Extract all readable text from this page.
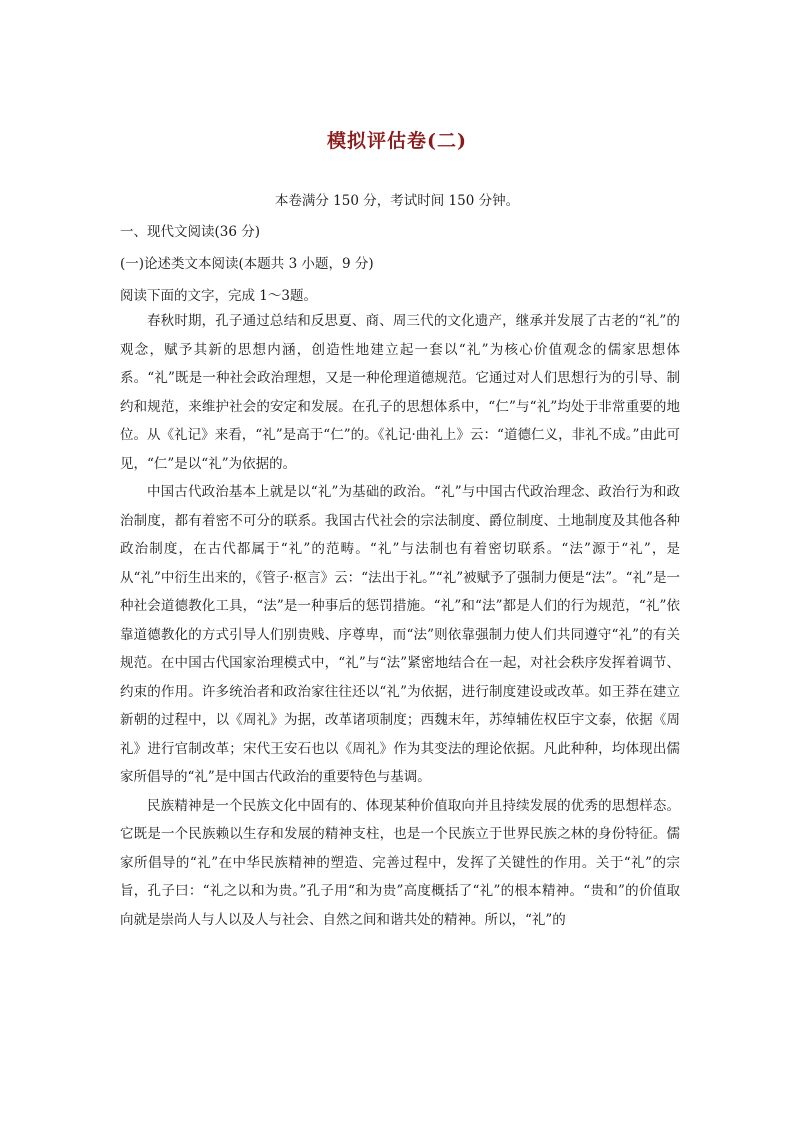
模拟评估卷(二)
本卷满分 150 分，考试时间 150 分钟。
一、现代文阅读(36 分)
(一)论述类文本阅读(本题共 3 小题，9 分)
阅读下面的文字，完成 1～3题。

春秋时期，孔子通过总结和反思夏、商、周三代的文化遗产，继承并发展了古老的“礼”的观念，赋予其新的思想内涵，创造性地建立起一套以“礼”为核心价值观念的儒家思想体系。“礼”既是一种社会政治理想，又是一种伦理道德规范。它通过对人们思想行为的引导、制约和规范，来维护社会的安定和发展。在孔子的思想体系中，“仁”与“礼”均处于非常重要的地位。从《礼记》来看，“礼”是高于“仁”的。《礼记·曲礼上》云：“道德仁义，非礼不成。”由此可见，“仁”是以“礼”为依据的。

中国古代政治基本上就是以“礼”为基础的政治。“礼”与中国古代政治理念、政治行为和政治制度，都有着密不可分的联系。我国古代社会的宗法制度、爵位制度、土地制度及其他各种政治制度，在古代都属于“礼”的范畴。“礼”与法制也有着密切联系。“法”源于“礼”，是从“礼”中衍生出来的，《管子·枢言》云：“法出于礼。”“礼”被赋予了强制力便是“法”。“礼”是一种社会道德教化工具，“法”是一种事后的惩罚措施。“礼”和“法”都是人们的行为规范，“礼”依靠道德教化的方式引导人们别贵贱、序尊卑，而“法”则依靠强制力使人们共同遵守“礼”的有关规范。在中国古代国家治理模式中，“礼”与“法”紧密地结合在一起，对社会秩序发挥着调节、约束的作用。许多统治者和政治家往往还以“礼”为依据，进行制度建设或改革。如王莽在建立新朝的过程中，以《周礼》为据，改革诸项制度；西魏末年，苏绰辅佐权臣宇文泰，依据《周礼》进行官制改革；宋代王安石也以《周礼》作为其变法的理论依据。凡此种种，均体现出儒家所倡导的“礼”是中国古代政治的重要特色与基调。

民族精神是一个民族文化中固有的、体现某种价值取向并且持续发展的优秀的思想样态。它既是一个民族赖以生存和发展的精神支柱，也是一个民族立于世界民族之林的身份特征。儒家所倡导的“礼”在中华民族精神的塑造、完善过程中，发挥了关键性的作用。关于“礼”的宗旨，孔子曰：“礼之以和为贵。”孔子用“和为贵”高度概括了“礼”的根本精神。“贵和”的价值取向就是崇尚人与人以及人与社会、自然之间和谐共处的精神。所以，“礼”的
